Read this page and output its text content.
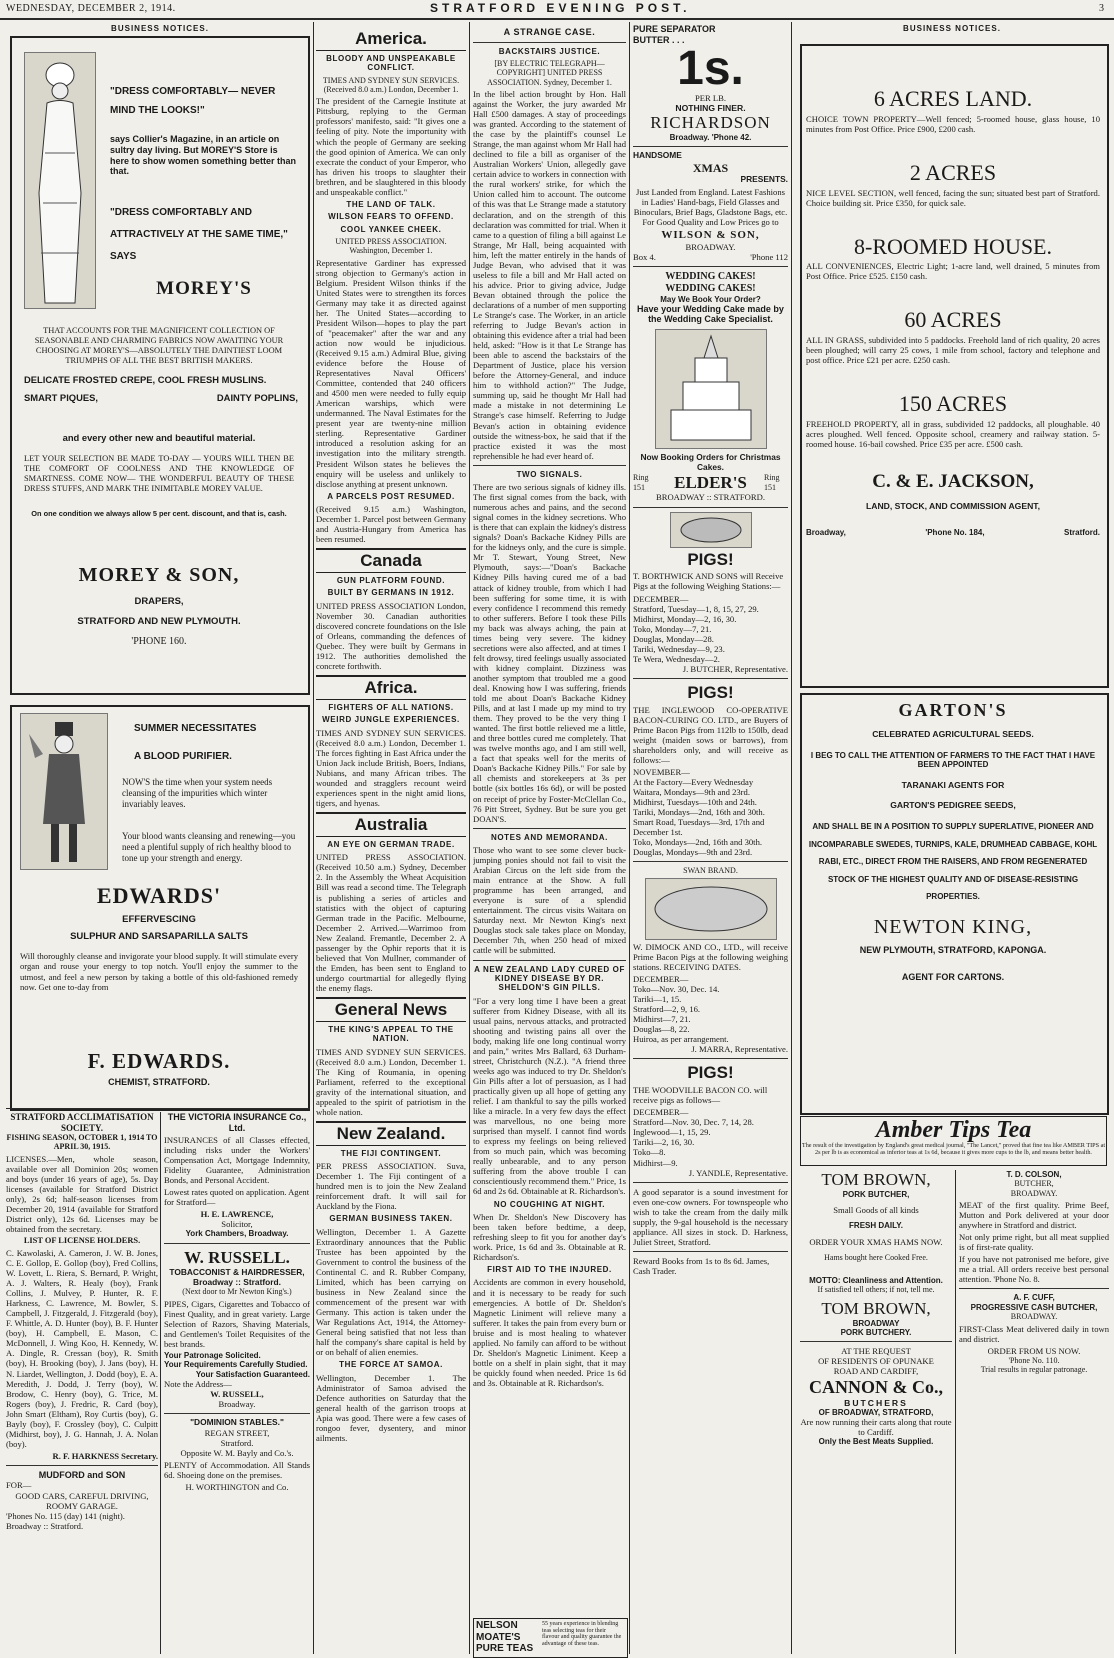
WEDNESDAY, DECEMBER 2, 1914.	STRATFORD EVENING POST.	3
BUSINESS NOTICES.
"DRESS COMFORTABLY— NEVER MIND THE LOOKS!"
says Collier's Magazine, in an article on sultry day living. But MOREY'S Store is here to show women something better than that.
"DRESS COMFORTABLY AND ATTRACTIVELY AT THE SAME TIME," SAYS
MOREY'S
THAT ACCOUNTS FOR THE MAGNIFICENT COLLECTION OF SEASONABLE AND CHARMING FABRICS NOW AWAITING YOUR CHOOSING AT MOREY'S—ABSOLUTELY THE DAINTIEST LOOM TRIUMPHS OF ALL THE BEST BRITISH MAKERS.
DELICATE FROSTED CREPE, COOL FRESH MUSLINS.
SMART PIQUES,	DAINTY POPLINS,
and every other new and beautiful material.
LET YOUR SELECTION BE MADE TO-DAY — YOURS WILL THEN BE THE COMFORT OF COOLNESS AND THE KNOWLEDGE OF SMARTNESS. COME NOW— THE WONDERFUL BEAUTY OF THESE DRESS STUFFS, AND MARK THE INIMITABLE MOREY VALUE.
On one condition we always allow 5 per cent. discount, and that is, cash.
MOREY & SON,
DRAPERS,
STRATFORD AND NEW PLYMOUTH.
'PHONE 160.
SUMMER NECESSITATES
A BLOOD PURIFIER.
NOW'S the time when your system needs cleansing of the impurities which winter invariably leaves.
Your blood wants cleansing and renewing—you need a plentiful supply of rich healthy blood to tone up your strength and energy.
EDWARDS'
EFFERVESCING
SULPHUR AND SARSAPARILLA SALTS
Will thoroughly cleanse and invigorate your blood supply. It will stimulate every organ and rouse your energy to top notch. You'll enjoy the summer to the utmost, and feel a new person by taking a bottle of this old-fashioned remedy now. Get one to-day from
F. EDWARDS.
CHEMIST, STRATFORD.
STRATFORD ACCLIMATISATION SOCIETY.
FISHING SEASON, OCTOBER 1, 1914 TO APRIL 30, 1915.

LICENSES.—Men, whole season, available over all Dominion 20s; women and boys (under 16 years of age), 5s. Day licenses (available for Stratford District only), 2s 6d; half-season licenses from December 20, 1914 (available for Stratford District only), 12s 6d. Licenses may be obtained from the secretary.

LIST OF LICENSE HOLDERS.

C. Kawolaski, A. Cameron, J. W. B. Jones, C. E. Gollop, E. Gollop (boy), Fred Collins, W. Lovett, L. Riera, S. Bernard, P. Wright, A. J. Walters, R. Healy (boy), Frank Collins, J. Mulvey, P. Hunter, R. F. Harkness, C. Lawrence, M. Bowler, S. Campbell, J. Fitzgerald, J. Fitzgerald (boy), F. Whittle, A. D. Hunter (boy), B. F. Hunter (boy), H. Campbell, E. Mason, C. McDonnell, J. Wing Koo, H. Kennedy, W. A. Dingle, R. Cressan (boy), R. Smith (boy), H. Brooking (boy), J. Jans (boy), H. N. Liardet, Wellington, J. Dodd (boy), E. A. Meredith, J. Dodd, J. Terry (boy), W. Brodow, C. Henry (boy), G. Trice, M. Rogers (boy), J. Fredric, R. Card (boy), John Smart (Eltham), Roy Curtis (boy), G. Bayly (boy), F. Crossley (boy), C. Culpitt (Midhirst, boy), J. G. Hannah, J. A. Nolan (boy).

R. F. HARKNESS Secretary.
MUDFORD and SON
FOR—
GOOD CARS, CAREFUL DRIVING, ROOMY GARAGE.
'Phones No. 115 (day) 141 (night).
Broadway :: Stratford.
THE VICTORIA INSURANCE Co., Ltd.

INSURANCES of all Classes effected, including risks under the Workers' Compensation Act, Mortgage Indemnity, Fidelity Guarantee, Administration Bonds, and Personal Accident.

Lowest rates quoted on application. Agent for Stratford—

H. E. LAWRENCE,
Solicitor,
York Chambers, Broadway.
W. RUSSELL.
TOBACCONIST & HAIRDRESSER,
Broadway :: Stratford.
(Next door to Mr Newton King's.)

PIPES, Cigars, Cigarettes and Tobacco of Finest Quality, and in great variety. Large Selection of Razors, Shaving Materials, and Gentlemen's Toilet Requisites of the best brands.

Your Patronage Solicited.
Your Requirements Carefully Studied.
Your Satisfaction Guaranteed.
Note the Address—
W. RUSSELL,
Broadway.
"DOMINION STABLES."
REGAN STREET,
Stratford.
Opposite W. M. Bayly and Co.'s.

PLENTY of Accommodation. All Stands 6d. Shoeing done on the premises.

H. WORTHINGTON and Co.
America.
BLOODY AND UNSPEAKABLE CONFLICT.
TIMES AND SYDNEY SUN SERVICES. (Received 8.0 a.m.) London, December 1.

The president of the Carnegie Institute at Pittsburg, replying to the German professors' manifesto, said: "It gives one a feeling of pity. Note the importunity with which the people of Germany are seeking the good opinion of America. We can only execrate the conduct of your Emperor, who has driven his troops to slaughter their brethren, and be slaughtered in this bloody and unspeakable conflict."

THE LAND OF TALK.
WILSON FEARS TO OFFEND.
COOL YANKEE CHEEK.
UNITED PRESS ASSOCIATION. Washington, December 1.

Representative Gardiner has expressed strong objection to Germany's action in Belgium. President Wilson thinks if the United States were to strengthen its forces Germany may take it as directed against her. The United States—according to President Wilson—hopes to play the part of "peacemaker" after the war and any action now would be injudicious. (Received 9.15 a.m.) Admiral Blue, giving evidence before the House of Representatives Naval Officers' Committee, contended that 240 officers and 4500 men were needed to fully equip American warships, which were undermanned. The Naval Estimates for the present year are twenty-nine million sterling. Representative Gardiner introduced a resolution asking for an investigation into the military strength. President Wilson states he believes the enquiry will be useless and unlikely to disclose anything at present unknown.

A PARCELS POST RESUMED.

(Received 9.15 a.m.) Washington, December 1. Parcel post between Germany and Austria-Hungary from America has been resumed.

Canada
GUN PLATFORM FOUND.
BUILT BY GERMANS IN 1912.

UNITED PRESS ASSOCIATION London, November 30. Canadian authorities discovered concrete foundations on the Isle of Orleans, commanding the defences of Quebec. They were built by Germans in 1912. The authorities demolished the concrete forthwith.

Africa.
FIGHTERS OF ALL NATIONS.
WEIRD JUNGLE EXPERIENCES.

TIMES AND SYDNEY SUN SERVICES. (Received 8.0 a.m.) London, December 1. The forces fighting in East Africa under the Union Jack include British, Boers, Indians, Nubians, and many African tribes. The wounded and stragglers recount weird experiences spent in the night amid lions, tigers, and hyenas.

Australia
AN EYE ON GERMAN TRADE.

UNITED PRESS ASSOCIATION. (Received 10.50 a.m.) Sydney, December 2. In the Assembly the Wheat Acquisition Bill was read a second time. The Telegraph is publishing a series of articles and statistics with the object of capturing German trade in the Pacific. Melbourne, December 2. Arrived.—Warrimoo from New Zealand. Fremantle, December 2. A passenger by the Ophir reports that it is believed that Von Mullner, commander of the Emden, has been sent to England to undergo courtmartial for allegedly flying the enemy flags.

General News
THE KING'S APPEAL TO THE NATION.

TIMES AND SYDNEY SUN SERVICES. (Received 8.0 a.m.) London, December 1. The King of Roumania, in opening Parliament, referred to the exceptional gravity of the international situation, and appealed to the spirit of patriotism in the whole nation.

New Zealand.
THE FIJI CONTINGENT.

PER PRESS ASSOCIATION. Suva, December 1. The Fiji contingent of a hundred men is to join the New Zealand reinforcement draft. It will sail for Auckland by the Fiona.

GERMAN BUSINESS TAKEN.

Wellington, December 1. A Gazette Extraordinary announces that the Public Trustee has been appointed by the Government to control the business of the Continental C. and R. Rubber Company, Limited, which has been carrying on business in New Zealand since the commencement of the present war with Germany. This action is taken under the War Regulations Act, 1914, the Attorney-General being satisfied that not less than half the company's share capital is held by or on behalf of alien enemies.

THE FORCE AT SAMOA.

Wellington, December 1. The Administrator of Samoa advised the Defence authorities on Saturday that the general health of the garrison troops at Apia was good. There were a few cases of rongoo fever, dysentery, and minor ailments.

A STRANGE CASE.
BACKSTAIRS JUSTICE.
[BY ELECTRIC TELEGRAPH—COPYRIGHT] UNITED PRESS ASSOCIATION. Sydney, December 1.

In the libel action brought by Hon. Hall against the Worker, the jury awarded Mr Hall £500 damages. A stay of proceedings was granted. According to the statement of the case by the plaintiff's counsel Le Strange, the man against whom Mr Hall had declined to file a bill as organiser of the Australian Workers' Union, allegedly gave certain advice to workers in connection with the rural workers' strike, for which the Union called him to account. The outcome of this was that Le Strange made a statutory declaration, and on the strength of this declaration was committed for trial. When it came to a question of filing a bill against Le Strange, Mr Hall, being acquainted with him, left the matter entirely in the hands of Judge Bevan, who advised that it was useless to file a bill and Mr Hall acted on his advice. Prior to giving advice, Judge Bevan obtained through the police the declarations of a number of men supporting Le Strange's case. The Worker, in an article referring to Judge Bevan's action in obtaining this evidence after a trial had been held, asked: "How is it that Le Strange has been able to ascend the backstairs of the Department of Justice, place his version before the Attorney-General, and induce him to withhold action?" The Judge, summing up, said he thought Mr Hall had made a mistake in not determining Le Strange's case himself. Referring to Judge Bevan's action in obtaining evidence outside the witness-box, he said that if the practice existed it was the most reprehensible he had ever heard of.

TWO SIGNALS.

There are two serious signals of kidney ills. The first signal comes from the back, with numerous aches and pains, and the second signal comes in the kidney secretions. Who is there that can explain the kidney's distress signals? Doan's Backache Kidney Pills are for the kidneys only, and the cure is simple. Mr T. Stewart, Young Street, New Plymouth, says:—"Doan's Backache Kidney Pills having cured me of a bad attack of kidney trouble, from which I had been suffering for some time, it is with every confidence I recommend this remedy to other sufferers. Before I took these Pills my back was always aching, the pain at times being very severe. The kidney secretions were also affected, and at times I felt drowsy, tired feelings usually associated with kidney complaint. Dizziness was another symptom that troubled me a good deal. Knowing how I was suffering, friends told me about Doan's Backache Kidney Pills, and at last I made up my mind to try them. They proved to be the very thing I wanted. The first bottle relieved me a little, and three bottles cured me completely. That was twelve months ago, and I am still well, a fact that speaks well for the merits of Doan's Backache Kidney Pills." For sale by all chemists and storekeepers at 3s per bottle (six bottles 16s 6d), or will be posted on receipt of price by Foster-McClellan Co., 76 Pitt Street, Sydney. But be sure you get DOAN'S.

NOTES AND MEMORANDA.

Those who want to see some clever buck-jumping ponies should not fail to visit the Arabian Circus on the left side from the main entrance at the Show. A full programme has been arranged, and everyone is sure of a splendid entertainment. The circus visits Waitara on Saturday next. Mr Newton King's next Douglas stock sale takes place on Monday, December 7th, when 250 head of mixed cattle will be submitted.

A NEW ZEALAND LADY CURED OF KIDNEY DISEASE BY DR. SHELDON'S GIN PILLS.

"For a very long time I have been a great sufferer from Kidney Disease, with all its usual pains, nervous attacks, and protracted shooting and twisting pains all over the body, making life one long continual worry and pain," writes Mrs Ballard, 63 Durham-street, Christchurch (N.Z.). "A friend three weeks ago was induced to try Dr. Sheldon's Gin Pills after a lot of persuasion, as I had practically given up all hope of getting any relief. I am thankful to say the pills worked like a miracle. In a very few days the effect was marvellous, no one being more surprised than myself. I cannot find words to express my feelings on being relieved from so much pain, which was becoming really unbearable, and to any person suffering from the above trouble I can conscientiously recommend them." Price, 1s 6d and 2s 6d. Obtainable at R. Richardson's.

NO COUGHING AT NIGHT.

When Dr. Sheldon's New Discovery has been taken before bedtime, a deep, refreshing sleep to fit you for another day's work. Price, 1s 6d and 3s. Obtainable at R. Richardson's.

FIRST AID TO THE INJURED.

Accidents are common in every household, and it is necessary to be ready for such emergencies. A bottle of Dr. Sheldon's Magnetic Liniment will relieve many a sufferer. It takes the pain from every burn or bruise and is most healing to whatever applied. No family can afford to be without Dr. Sheldon's Magnetic Liniment. Keep a bottle on a shelf in plain sight, that it may be quickly found when needed. Price 1s 6d and 3s. Obtainable at R. Richardson's.

NELSON
MOATE'S
PURE TEAS
55 years experience in blending teas selecting teas for their flavour and quality guarantee the advantage of these teas.
PURE SEPARATOR
BUTTER . . .
1s.
PER LB.
NOTHING FINER.
RICHARDSON
Broadway. 'Phone 42.
HANDSOME
XMAS
PRESENTS.

Just Landed from England. Latest Fashions in Ladies' Hand-bags, Field Glasses and Binoculars, Brief Bags, Gladstone Bags, etc. For Good Quality and Low Prices go to

WILSON & SON,
BROADWAY.
Box 4.	'Phone 112
WEDDING CAKES!
WEDDING CAKES!
May We Book Your Order?
Have your Wedding Cake made by the Wedding Cake Specialist.
Now Booking Orders for Christmas Cakes.
Ring 151	ELDER'S Ring 151
BROADWAY :: STRATFORD.
PIGS!

T. BORTHWICK AND SONS will Receive Pigs at the following Weighing Stations:—

DECEMBER—
Stratford, Tuesday—1, 8, 15, 27, 29.
Midhirst, Monday—2, 16, 30.
Toko, Monday—7, 21.
Douglas, Monday—28.
Tariki, Wednesday—9, 23.
Te Wera, Wednesday—2.
J. BUTCHER, Representative.
PIGS!

THE INGLEWOOD CO-OPERATIVE BACON-CURING CO. LTD., are Buyers of Prime Bacon Pigs from 112lb to 150lb, dead weight (maiden sows or barrows), from shareholders only, and will receive as follows:—

NOVEMBER—
At the Factory—Every Wednesday
Waitara, Mondays—9th and 23rd.
Midhirst, Tuesdays—10th and 24th.
Tariki, Mondays—2nd, 16th and 30th.
Smart Road, Tuesdays—3rd, 17th and December 1st.
Toko, Mondays—2nd, 16th and 30th.
Douglas, Mondays—9th and 23rd.
SWAN BRAND.

W. DIMOCK AND CO., LTD., will receive Prime Bacon Pigs at the following weighing stations. RECEIVING DATES.

DECEMBER—
Toko—Nov. 30, Dec. 14.
Tariki—1, 15.
Stratford—2, 9, 16.
Midhirst—7, 21.
Douglas—8, 22.
Huiroa, as per arrangement.
J. MARRA, Representative.
PIGS!

THE WOODVILLE BACON CO. will receive pigs as follows—

DECEMBER—
Stratford—Nov. 30, Dec. 7, 14, 28.
Inglewood—1, 15, 29.
Tariki—2, 16, 30.
Toko—8.
Midhirst—9.
J. YANDLE, Representative.

A good separator is a sound investment for even one-cow owners. For townspeople who wish to take the cream from the daily milk supply, the 9-gal household is the necessary appliance. All sizes in stock. D. Harkness, Juliet Street, Stratford.

Reward Books from 1s to 8s 6d. James, Cash Trader.

BUSINESS NOTICES.
6 ACRES LAND.

CHOICE TOWN PROPERTY—Well fenced; 5-roomed house, glass house, 10 minutes from Post Office. Price £900, £200 cash.

2 ACRES

NICE LEVEL SECTION, well fenced, facing the sun; situated best part of Stratford. Choice building sit. Price £350, for quick sale.

8-ROOMED HOUSE.

ALL CONVENIENCES, Electric Light; 1-acre land, well drained, 5 minutes from Post Office. Price £525. £150 cash.

60 ACRES

ALL IN GRASS, subdivided into 5 paddocks. Freehold land of rich quality, 20 acres been ploughed; will carry 25 cows, 1 mile from school, factory and telephone and post office. Price £21 per acre. £250 cash.

150 ACRES

FREEHOLD PROPERTY, all in grass, subdivided 12 paddocks, all ploughable. 40 acres ploughed. Well fenced. Opposite school, creamery and railway station. 5-roomed house. 16-bail cowshed. Price £35 per acre. £500 cash.

C. & E. JACKSON,
LAND, STOCK, AND COMMISSION AGENT,
Broadway,	'Phone No. 184,	Stratford.
GARTON'S
CELEBRATED AGRICULTURAL SEEDS.
I BEG TO CALL THE ATTENTION OF FARMERS TO THE FACT THAT I HAVE BEEN APPOINTED
TARANAKI AGENTS FOR
GARTON'S PEDIGREE SEEDS,
AND SHALL BE IN A POSITION TO SUPPLY SUPERLATIVE, PIONEER AND INCOMPARABLE SWEDES, TURNIPS, KALE, DRUMHEAD CABBAGE, KOHL RABI, ETC., DIRECT FROM THE RAISERS, AND FROM REGENERATED STOCK OF THE HIGHEST QUALITY AND OF DISEASE-RESISTING PROPERTIES.
NEWTON KING,
NEW PLYMOUTH, STRATFORD, KAPONGA.
AGENT FOR CARTONS.
Amber Tips Tea
The result of the investigation by England's great medical journal, "The Lancet," proved that fine tea like AMBER TIPS at 2s per lb is as economical as inferior teas at 1s 6d, because it gives more cups to the lb, and means better health.
TOM BROWN,
PORK BUTCHER,
Small Goods of all kinds
FRESH DAILY.
ORDER YOUR XMAS HAMS NOW.
Hams bought here Cooked Free.
MOTTO: Cleanliness and Attention.
If satisfied tell others; if not, tell me.
TOM BROWN,
BROADWAY
PORK BUTCHERY.
AT THE REQUEST
OF RESIDENTS OF OPUNAKE
ROAD AND CARDIFF,
CANNON & Co.,
BUTCHERS
OF BROADWAY, STRATFORD,
Are now running their carts along that route to Cardiff.
Only the Best Meats Supplied.
T. D. COLSON,
BUTCHER,
BROADWAY.

MEAT of the first quality. Prime Beef, Mutton and Pork delivered at your door anywhere in Stratford and district.

Not only prime right, but all meat supplied is of first-rate quality.

If you have not patronised me before, give me a trial. All orders receive best personal attention. 'Phone No. 8.

A. F. CUFF,
PROGRESSIVE CASH BUTCHER,
BROADWAY.

FIRST-Class Meat delivered daily in town and district.

ORDER FROM US NOW.
'Phone No. 110.
Trial results in regular patronage.
